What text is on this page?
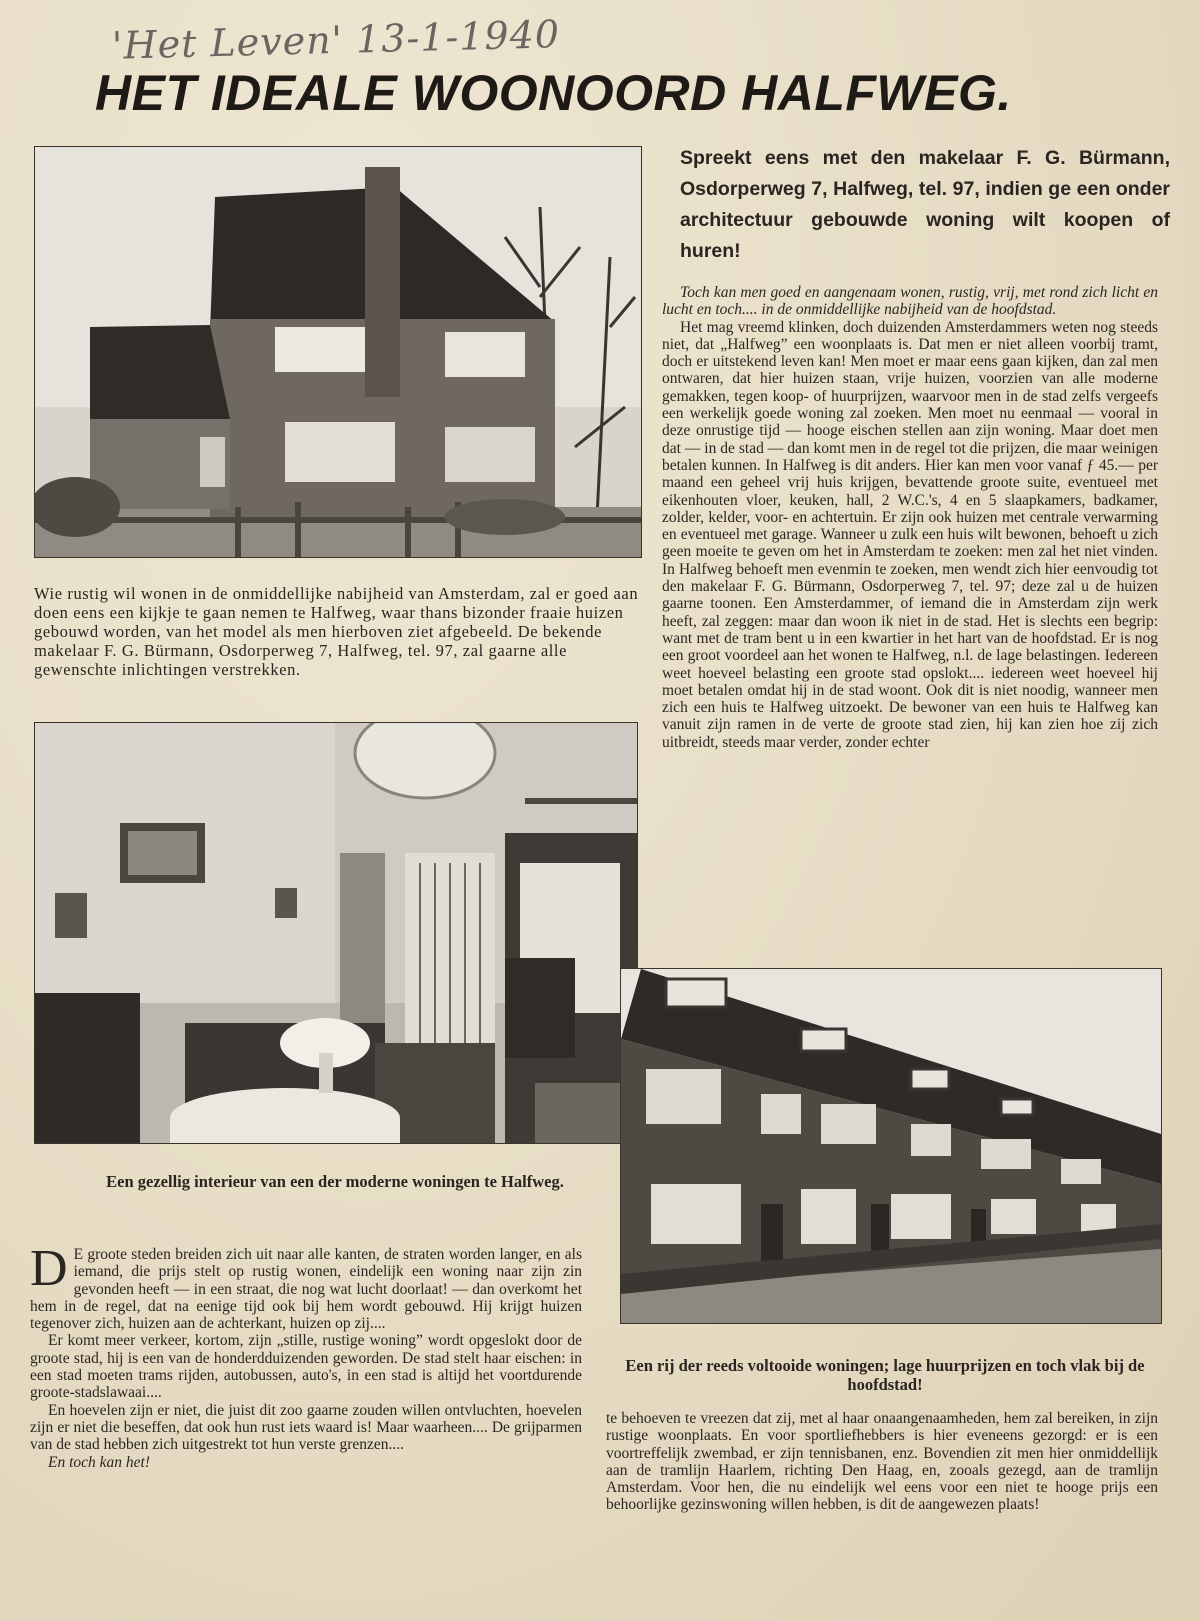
'Het Leven' 13-1-1940
HET IDEALE WOONOORD HALFWEG.
Wie rustig wil wonen in de onmiddellijke nabijheid van Amsterdam, zal er goed aan doen eens een kijkje te gaan nemen te Halfweg, waar thans bizonder fraaie huizen gebouwd worden, van het model als men hierboven ziet afgebeeld. De bekende makelaar F. G. Bürmann, Osdorperweg 7, Halfweg, tel. 97, zal gaarne alle gewenschte inlichtingen verstrekken.
Een gezellig interieur van een der moderne woningen te Halfweg.
Spreekt eens met den makelaar F. G. Bürmann, Osdorperweg 7, Halfweg, tel. 97, indien ge een onder architectuur gebouwde woning wilt koopen of huren!

Toch kan men goed en aangenaam wonen, rustig, vrij, met rond zich licht en lucht en toch.... in de onmiddellijke nabijheid van de hoofdstad.

Het mag vreemd klinken, doch duizenden Amsterdammers weten nog steeds niet, dat „Halfweg” een woonplaats is. Dat men er niet alleen voorbij tramt, doch er uitstekend leven kan! Men moet er maar eens gaan kijken, dan zal men ontwaren, dat hier huizen staan, vrije huizen, voorzien van alle moderne gemakken, tegen koop- of huurprijzen, waarvoor men in de stad zelfs vergeefs een werkelijk goede woning zal zoeken. Men moet nu eenmaal — vooral in deze onrustige tijd — hooge eischen stellen aan zijn woning. Maar doet men dat — in de stad — dan komt men in de regel tot die prijzen, die maar weinigen betalen kunnen. In Halfweg is dit anders. Hier kan men voor vanaf ƒ 45.— per maand een geheel vrij huis krijgen, bevattende groote suite, eventueel met eikenhouten vloer, keuken, hall, 2 W.C.'s, 4 en 5 slaapkamers, badkamer, zolder, kelder, voor- en achtertuin. Er zijn ook huizen met centrale verwarming en eventueel met garage. Wanneer u zulk een huis wilt bewonen, behoeft u zich geen moeite te geven om het in Amsterdam te zoeken: men zal het niet vinden. In Halfweg behoeft men evenmin te zoeken, men wendt zich hier eenvoudig tot den makelaar F. G. Bürmann, Osdorperweg 7, tel. 97; deze zal u de huizen gaarne toonen. Een Amsterdammer, of iemand die in Amsterdam zijn werk heeft, zal zeggen: maar dan woon ik niet in de stad. Het is slechts een begrip: want met de tram bent u in een kwartier in het hart van de hoofdstad. Er is nog een groot voordeel aan het wonen te Halfweg, n.l. de lage belastingen. Iedereen weet hoeveel belasting een groote stad opslokt.... iedereen weet hoeveel hij moet betalen omdat hij in de stad woont. Ook dit is niet noodig, wanneer men zich een huis te Halfweg uitzoekt. De bewoner van een huis te Halfweg kan vanuit zijn ramen in de verte de groote stad zien, hij kan zien hoe zij zich uitbreidt, steeds maar verder, zonder echter

Een rij der reeds voltooide woningen; lage huurprijzen en toch vlak bij de hoofdstad!

D E groote steden breiden zich uit naar alle kanten, de straten worden langer, en als iemand, die prijs stelt op rustig wonen, eindelijk een woning naar zijn zin gevonden heeft — in een straat, die nog wat lucht doorlaat! — dan overkomt het hem in de regel, dat na eenige tijd ook bij hem wordt gebouwd. Hij krijgt huizen tegenover zich, huizen aan de achterkant, huizen op zij....

Er komt meer verkeer, kortom, zijn „stille, rustige woning” wordt opgeslokt door de groote stad, hij is een van de honderdduizenden geworden. De stad stelt haar eischen: in een stad moeten trams rijden, autobussen, auto's, in een stad is altijd het voortdurende groote-stadslawaai....

En hoevelen zijn er niet, die juist dit zoo gaarne zouden willen ontvluchten, hoevelen zijn er niet die beseffen, dat ook hun rust iets waard is! Maar waarheen.... De grijparmen van de stad hebben zich uitgestrekt tot hun verste grenzen....

En toch kan het!

te behoeven te vreezen dat zij, met al haar onaangenaamheden, hem zal bereiken, in zijn rustige woonplaats. En voor sportliefhebbers is hier eveneens gezorgd: er is een voortreffelijk zwembad, er zijn tennisbanen, enz. Bovendien zit men hier onmiddellijk aan de tramlijn Haarlem, richting Den Haag, en, zooals gezegd, aan de tramlijn Amsterdam. Voor hen, die nu eindelijk wel eens voor een niet te hooge prijs een behoorlijke gezinswoning willen hebben, is dit de aangewezen plaats!
